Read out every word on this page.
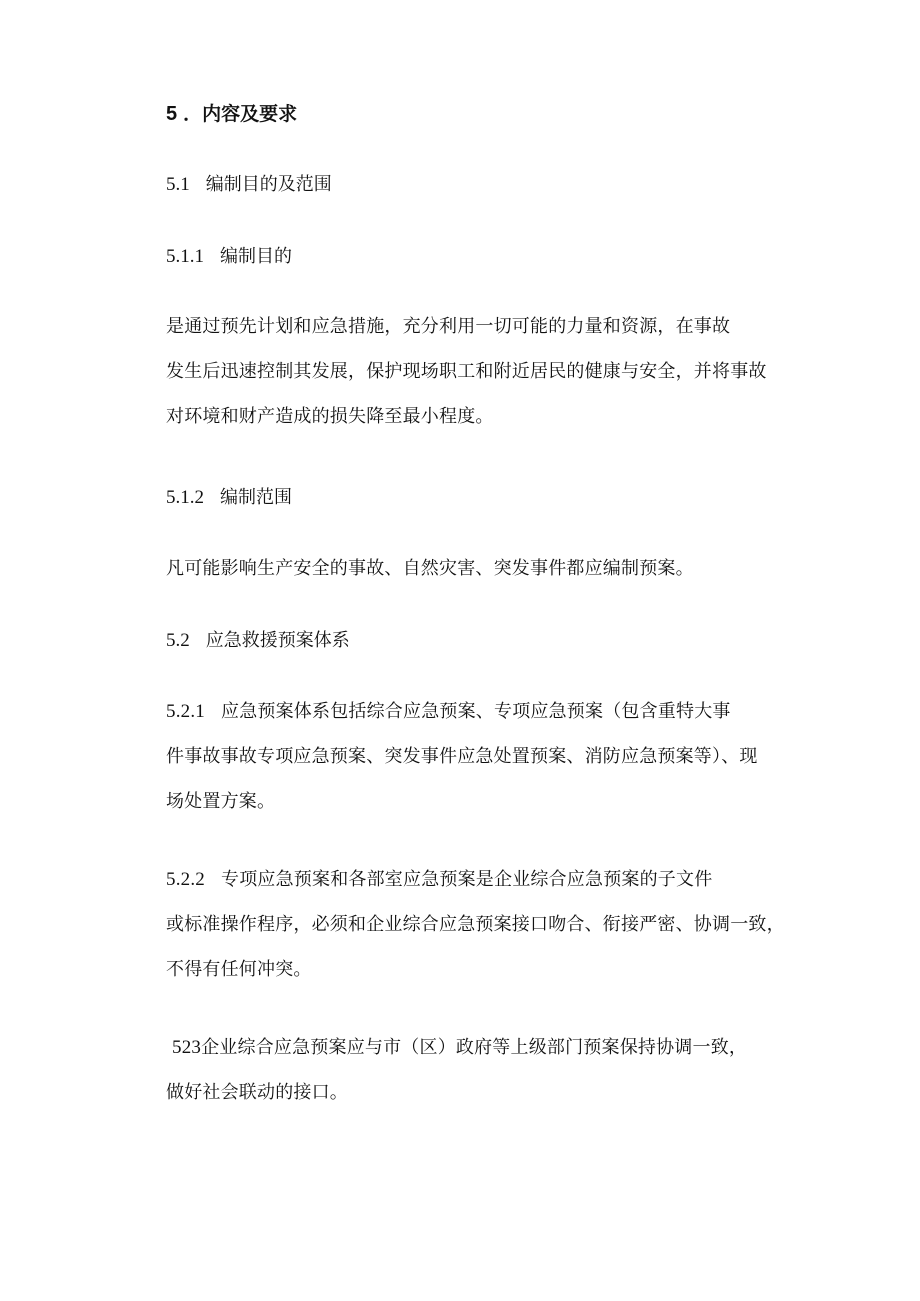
5 ．内容及要求

5.1 编制目的及范围

5.1.1 编制目的

是通过预先计划和应急措施，充分利用一切可能的力量和资源，在事故
发生后迅速控制其发展，保护现场职工和附近居民的健康与安全，并将事故
对环境和财产造成的损失降至最小程度。

5.1.2 编制范围

凡可能影响生产安全的事故、自然灾害、突发事件都应编制预案。

5.2 应急救援预案体系

5.2.1 应急预案体系包括综合应急预案、专项应急预案（包含重特大事
件事故事故专项应急预案、突发事件应急处置预案、消防应急预案等）、现
场处置方案。
5.2.2 专项应急预案和各部室应急预案是企业综合应急预案的子文件
或标准操作程序，必须和企业综合应急预案接口吻合、衔接严密、协调一致，
不得有任何冲突。
523企业综合应急预案应与市（区）政府等上级部门预案保持协调一致，
做好社会联动的接口。
